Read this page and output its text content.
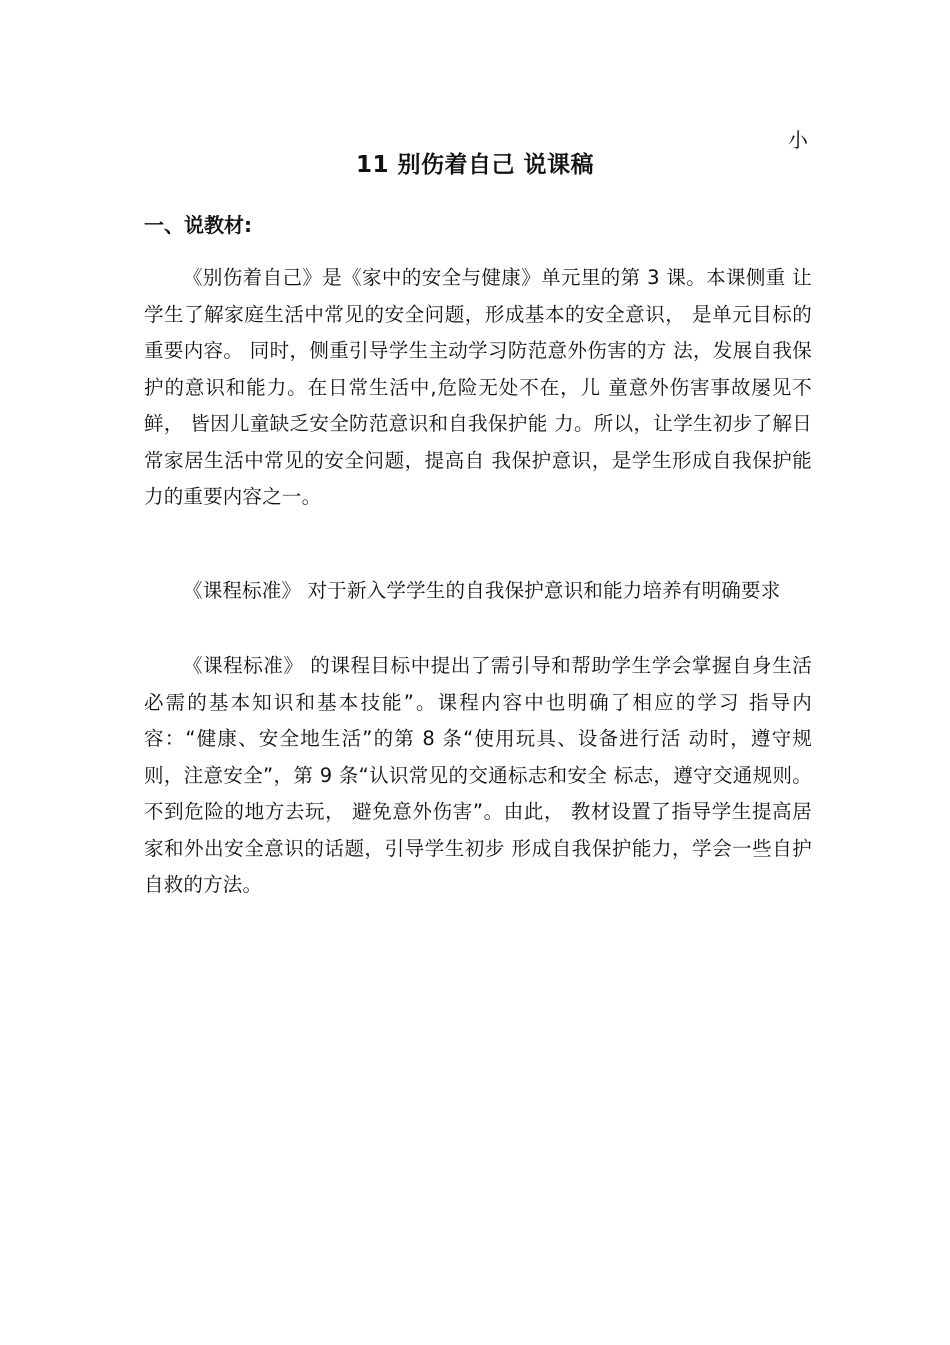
小
11 别伤着自己 说课稿
一、说教材:

《别伤着自己》是《家中的安全与健康》单元里的第 3 课。本课侧重 让学生了解家庭生活中常见的安全问题，形成基本的安全意识， 是单元目标的重要内容。 同时，侧重引导学生主动学习防范意外伤害的方 法，发展自我保护的意识和能力。在日常生活中,危险无处不在，儿 童意外伤害事故屡见不鲜， 皆因儿童缺乏安全防范意识和自我保护能 力。所以，让学生初步了解日常家居生活中常见的安全问题，提高自 我保护意识，是学生形成自我保护能力的重要内容之一。

《课程标准》 对于新入学学生的自我保护意识和能力培养有明确要求

《课程标准》 的课程目标中提出了需引导和帮助学生学会掌握自身生活必需的基本知识和基本技能”。课程内容中也明确了相应的学习 指导内容：“健康、安全地生活”的第 8 条“使用玩具、设备进行活 动时，遵守规则，注意安全”，第 9 条“认识常见的交通标志和安全 标志，遵守交通规则。 不到危险的地方去玩， 避免意外伤害”。由此， 教材设置了指导学生提高居家和外出安全意识的话题，引导学生初步 形成自我保护能力，学会一些自护自救的方法。
